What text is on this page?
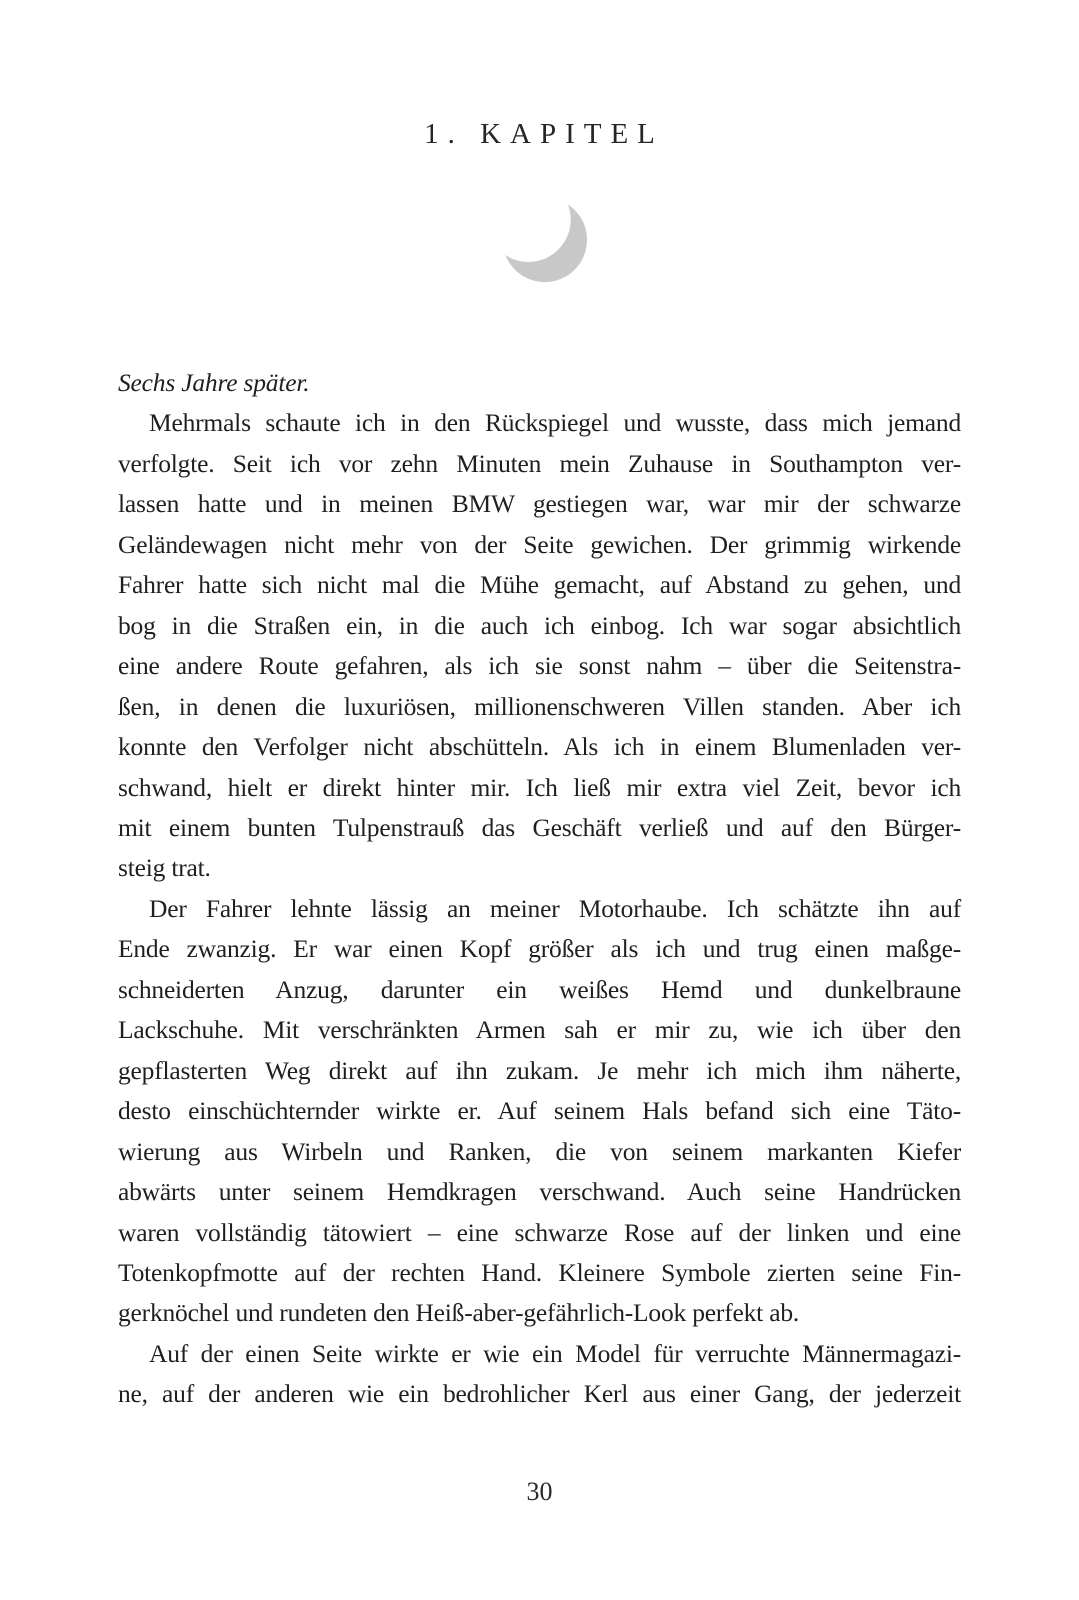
1. KAPITEL
Sechs Jahre später.
Mehrmals schaute ich in den Rückspiegel und wusste, dass mich jemand
verfolgte. Seit ich vor zehn Minuten mein Zuhause in Southampton ver-
lassen hatte und in meinen BMW gestiegen war, war mir der schwarze
Geländewagen nicht mehr von der Seite gewichen. Der grimmig wirkende
Fahrer hatte sich nicht mal die Mühe gemacht, auf Abstand zu gehen, und
bog in die Straßen ein, in die auch ich einbog. Ich war sogar absichtlich
eine andere Route gefahren, als ich sie sonst nahm – über die Seitenstra-
ßen, in denen die luxuriösen, millionenschweren Villen standen. Aber ich
konnte den Verfolger nicht abschütteln. Als ich in einem Blumenladen ver-
schwand, hielt er direkt hinter mir. Ich ließ mir extra viel Zeit, bevor ich
mit einem bunten Tulpenstrauß das Geschäft verließ und auf den Bürger-
steig trat.
Der Fahrer lehnte lässig an meiner Motorhaube. Ich schätzte ihn auf
Ende zwanzig. Er war einen Kopf größer als ich und trug einen maßge-
schneiderten Anzug, darunter ein weißes Hemd und dunkelbraune
Lackschuhe. Mit verschränkten Armen sah er mir zu, wie ich über den
gepflasterten Weg direkt auf ihn zukam. Je mehr ich mich ihm näherte,
desto einschüchternder wirkte er. Auf seinem Hals befand sich eine Täto-
wierung aus Wirbeln und Ranken, die von seinem markanten Kiefer
abwärts unter seinem Hemdkragen verschwand. Auch seine Handrücken
waren vollständig tätowiert – eine schwarze Rose auf der linken und eine
Totenkopfmotte auf der rechten Hand. Kleinere Symbole zierten seine Fin-
gerknöchel und rundeten den Heiß-aber-gefährlich-Look perfekt ab.
Auf der einen Seite wirkte er wie ein Model für verruchte Männermagazi-
ne, auf der anderen wie ein bedrohlicher Kerl aus einer Gang, der jederzeit
30
